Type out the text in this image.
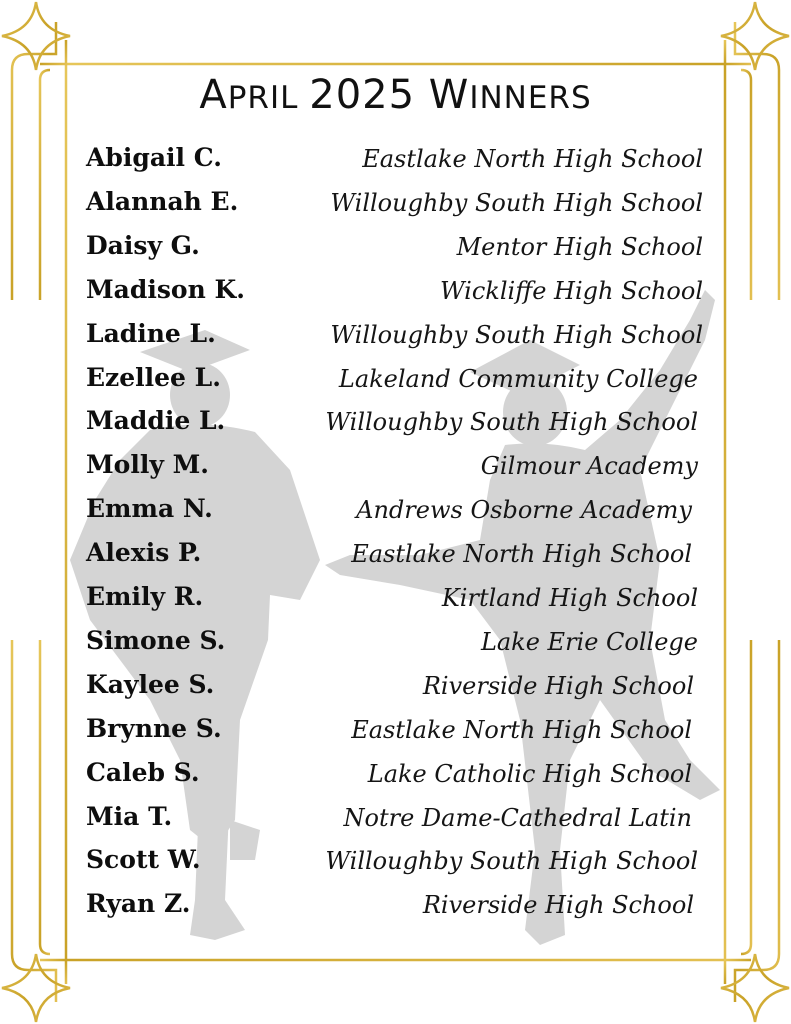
APRIL 2025 WINNERS
Abigail C.	Eastlake North High School
Alannah E.	Willoughby South High School
Daisy G.	Mentor High School
Madison K.	Wickliffe High School
Ladine L.	Willoughby South High School
Ezellee L.	Lakeland Community College
Maddie L.	Willoughby South High School
Molly M.	Gilmour Academy
Emma N.	Andrews Osborne Academy
Alexis P.	Eastlake North High School
Emily R.	Kirtland High School
Simone S.	Lake Erie College
Kaylee S.	Riverside High School
Brynne S.	Eastlake North High School
Caleb S.	Lake Catholic High School
Mia T.	Notre Dame-Cathedral Latin
Scott W.	Willoughby South High School
Ryan Z.	Riverside High School
